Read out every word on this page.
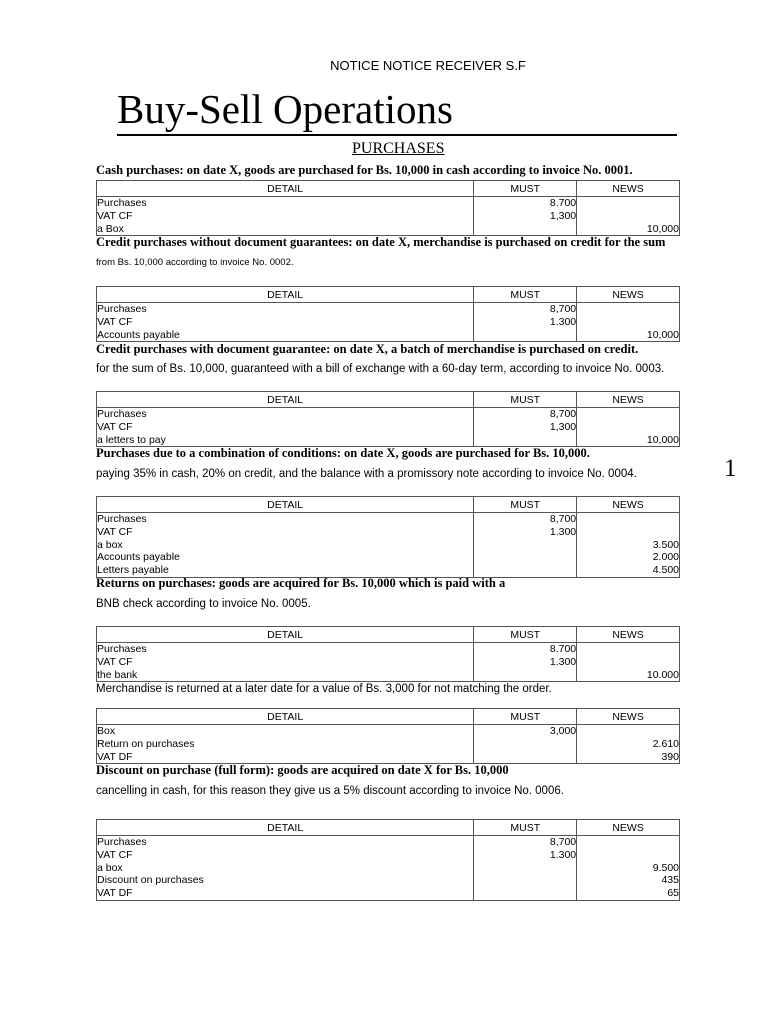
NOTICE NOTICE RECEIVER S.F
Buy-Sell Operations
PURCHASES
1
Cash purchases: on date X, goods are purchased for Bs. 10,000 in cash according to invoice No. 0001.
DETAIL	MUST	NEWS
Purchases	8.700	
VAT CF	1,300	
a Box		10,000
Credit purchases without document guarantees: on date X, merchandise is purchased on credit for the sum
from Bs. 10,000 according to invoice No. 0002.
DETAIL	MUST	NEWS
Purchases	8,700	
VAT CF	1.300	
Accounts payable		10,000
Credit purchases with document guarantee: on date X, a batch of merchandise is purchased on credit.
for the sum of Bs. 10,000, guaranteed with a bill of exchange with a 60-day term, according to invoice No. 0003.
DETAIL	MUST	NEWS
Purchases	8,700	
VAT CF	1,300	
a letters to pay		10,000
Purchases due to a combination of conditions: on date X, goods are purchased for Bs. 10,000.
paying 35% in cash, 20% on credit, and the balance with a promissory note according to invoice No. 0004.
DETAIL	MUST	NEWS
Purchases	8,700	
VAT CF	1.300	
a box		3.500
Accounts payable		2.000
Letters payable		4.500
Returns on purchases: goods are acquired for Bs. 10,000 which is paid with a
BNB check according to invoice No. 0005.
DETAIL	MUST	NEWS
Purchases	8.700	
VAT CF	1.300	
the bank		10.000
Merchandise is returned at a later date for a value of Bs. 3,000 for not matching the order.
DETAIL	MUST	NEWS
Box	3,000	
Return on purchases		2.610
VAT DF		390
Discount on purchase (full form): goods are acquired on date X for Bs. 10,000
cancelling in cash, for this reason they give us a 5% discount according to invoice No. 0006.
DETAIL	MUST	NEWS
Purchases	8,700	
VAT CF	1.300	
a box		9.500
Discount on purchases		435
VAT DF		65
